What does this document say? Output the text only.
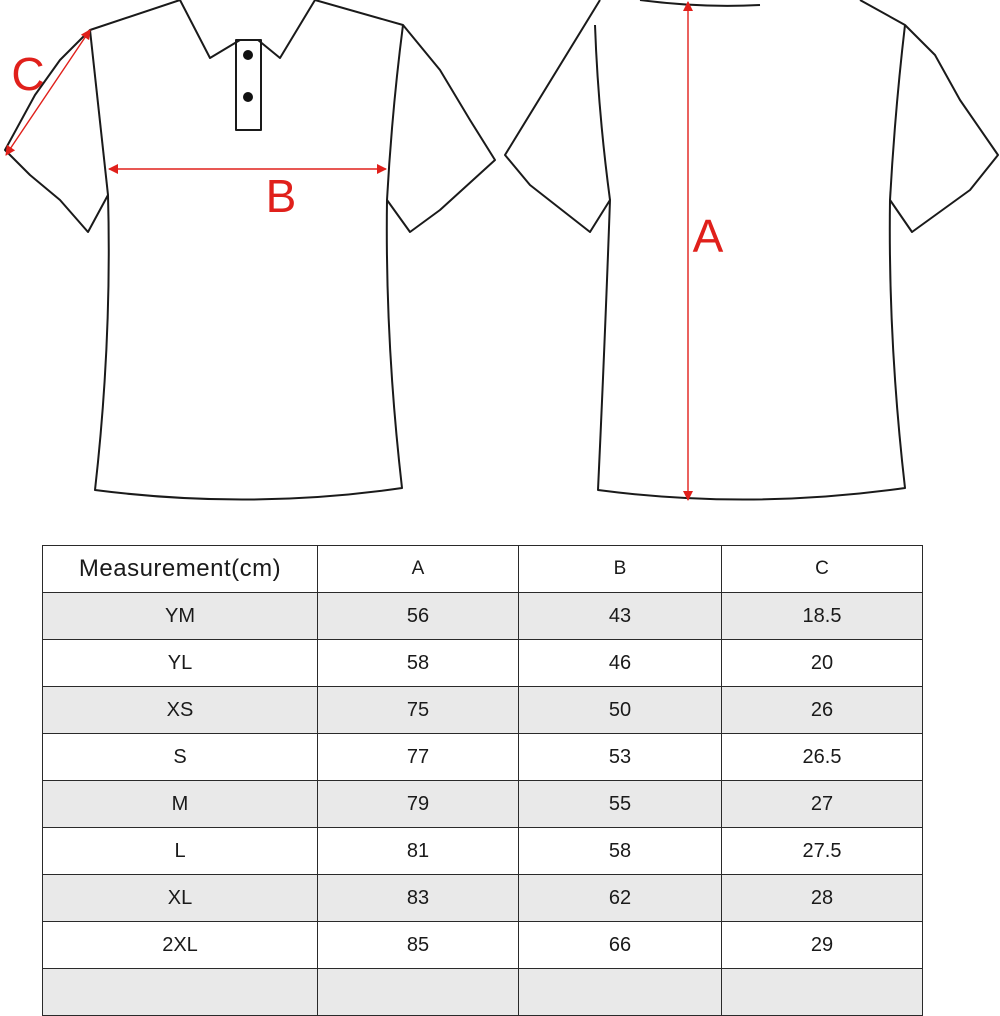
C
B
A
Measurement(cm)	A	B	C
YM	56	43	18.5
YL	58	46	20
XS	75	50	26
S	77	53	26.5
M	79	55	27
L	81	58	27.5
XL	83	62	28
2XL	85	66	29
